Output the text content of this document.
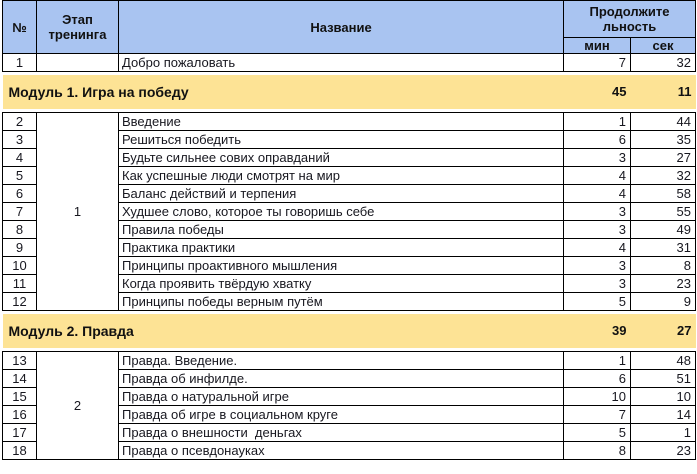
№	Этап тренинга	Название	Продолжите
льность	

			мин	сек
1		Добро пожаловать	7	32

Модуль 1. Игра на победу			45	11

2	1	Введение	1	44
3		Решиться победить	6	35
4		Будьте сильнее сових оправданий	3	27
5		Как успешные люди смотрят на мир	4	32
6		Баланс действий и терпения	4	58
7		Худшее слово, которое ты говоришь себе	3	55
8		Правила победы	3	49
9		Практика практики	4	31
10		Принципы проактивного мышления	3	8
11		Когда проявить твёрдую хватку	3	23
12		Принципы победы верным путём	5	9

Модуль 2. Правда			39	27

13	2	Правда. Введение.	1	48
14		Правда об инфилде.	6	51
15		Правда о натуральной игре	10	10
16		Правда об игре в социальном круге	7	14
17		Правда о внешности  деньгах	5	1
18		Правда о псевдонауках	8	23
